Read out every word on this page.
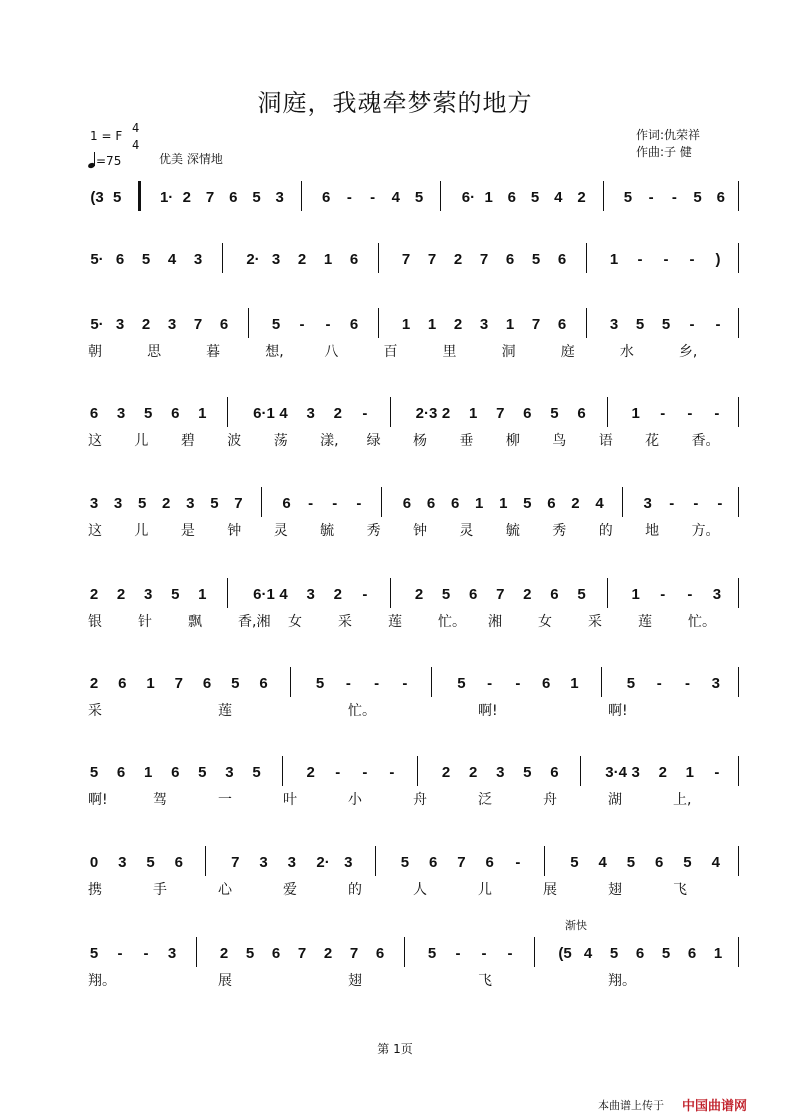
洞庭，我魂牵梦萦的地方
1 = F
4
4
=75	优美 深情地
作词:仇荣祥
作曲:子 健
(3 5	1· 2 7 6 5 3	6 - - 4 5	6· 1 6 5 4 2	5 - - 5 6
5· 6 5 4 3	2· 3 2 1 6	7 7 2 7 6 5 6	1 - - - )
5· 3 2 3 7 6	5 - - 6	1 1 2 3 1 7 6	3 5 5 - -
朝	思	暮	想,	八	百	里	洞	庭	水	乡,
6 3 5 6 1	6·1 4 3 2 -	2·3 2 1 7 6 5 6	1 - - -
这 儿 碧 波 荡 漾, 绿 杨 垂 柳 鸟 语 花 香。
3 3 5 2 3 5 7	6 - - -	6 6 6 1 1 5 6 2 4	3 - - -
这 儿 是 钟 灵 毓 秀 钟 灵 毓 秀 的 地 方。
2 2 3 5 1	6·1 4 3 2 -	2 5 6 7 2 6 5	1 - - 3
银	针	飘	香,湘 女	采	莲	忙。 湘	女	采	莲	忙。
2 6 1 7 6 5 6	5 - - -	5 - - 6 1	5 - - 3
采	莲	忙。	啊!	啊!
5 6 1 6 5 3 5	2 - - -	2 2 3 5 6	3·4 3 2 1 -
啊!	驾	一	叶	小	舟	泛	舟	湖	上,
0 3 5 6	7 3 3 2· 3	5 6 7 6 -	5 4 5 6 5 4
携	手	心	爱	的	人	儿	展	翅	飞
5 - - 3	2 5 6 7 2 7 6	5 - - -	(5 4 5 6 5 6 1
翔。	展	翅	飞	翔。
渐快
第 1页
本曲谱上传于 中国曲谱网
